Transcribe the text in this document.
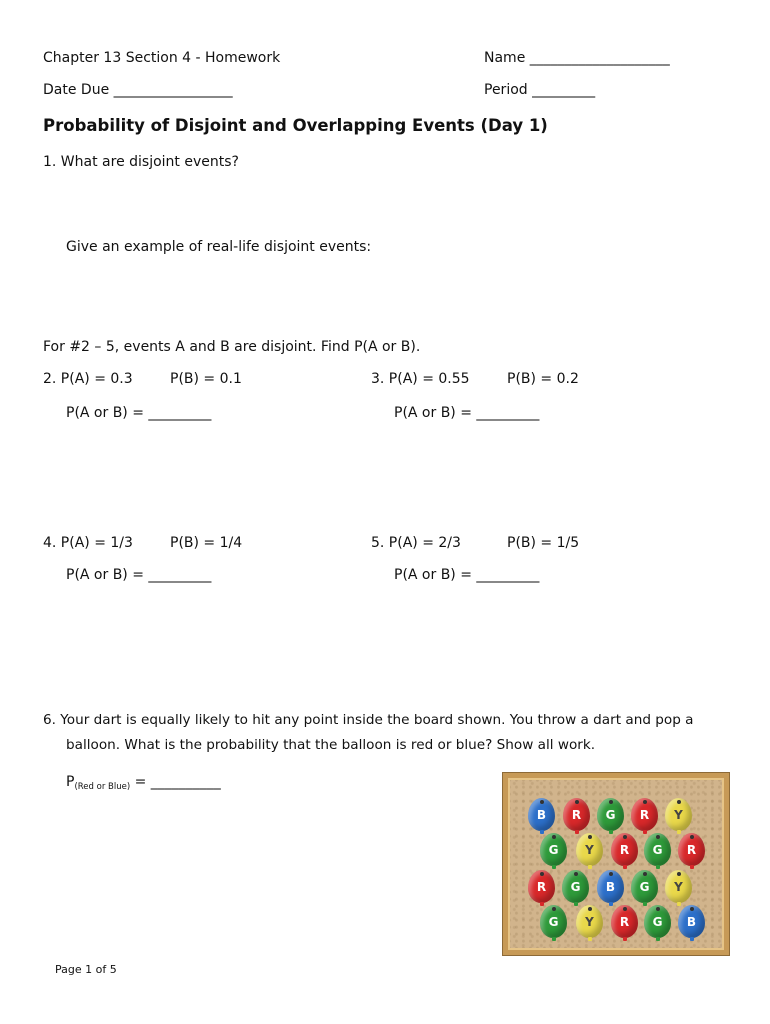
Chapter 13 Section 4 - Homework	Name ____________________
Date Due _________________	Period _________
Probability of Disjoint and Overlapping Events (Day 1)
1. What are disjoint events?
Give an example of real-life disjoint events:
For #2 – 5, events A and B are disjoint. Find P(A or B).
2. P(A) = 0.3	P(B) = 0.1
P(A or B) = _________
3. P(A) = 0.55	P(B) = 0.2
P(A or B) = _________
4. P(A) = 1/3	P(B) = 1/4
P(A or B) = _________
5. P(A) = 2/3	P(B) = 1/5
P(A or B) = _________
6. Your dart is equally likely to hit any point inside the board shown. You throw a dart and pop a
balloon. What is the probability that the balloon is red or blue? Show all work.
$P_{(Red or Blue)}$ = __________
B R G R Y
G Y R G R
R G B G Y
G Y R G B
Page 1 of 5
